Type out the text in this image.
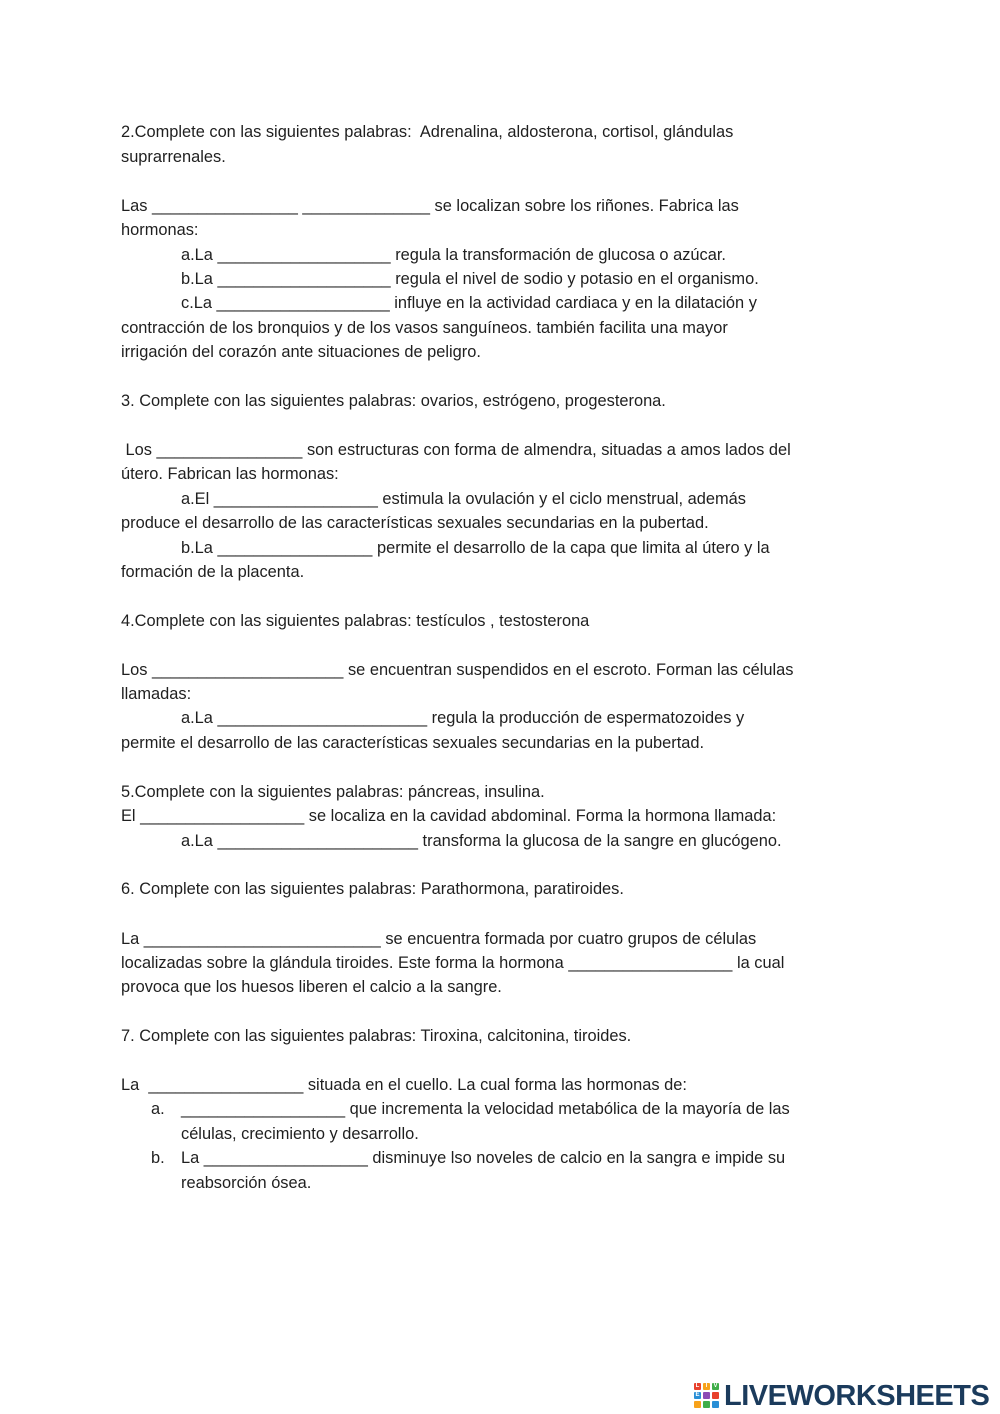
2.Complete con las siguientes palabras:  Adrenalina, aldosterona, cortisol, glándulas
suprarrenales.
Las ________________ ______________ se localizan sobre los riñones. Fabrica las
hormonas:
a.La ___________________ regula la transformación de glucosa o azúcar.
b.La ___________________ regula el nivel de sodio y potasio en el organismo.
c.La ___________________ influye en la actividad cardiaca y en la dilatación y
contracción de los bronquios y de los vasos sanguíneos. también facilita una mayor
irrigación del corazón ante situaciones de peligro.
3. Complete con las siguientes palabras: ovarios, estrógeno, progesterona.
Los ________________ son estructuras con forma de almendra, situadas a amos lados del
útero. Fabrican las hormonas:
a.El __________________ estimula la ovulación y el ciclo menstrual, además
produce el desarrollo de las características sexuales secundarias en la pubertad.
b.La _________________ permite el desarrollo de la capa que limita al útero y la
formación de la placenta.
4.Complete con las siguientes palabras: testículos , testosterona
Los _____________________ se encuentran suspendidos en el escroto. Forman las células
llamadas:
a.La _______________________ regula la producción de espermatozoides y
permite el desarrollo de las características sexuales secundarias en la pubertad.
5.Complete con la siguientes palabras: páncreas, insulina.
El __________________ se localiza en la cavidad abdominal. Forma la hormona llamada:
a.La ______________________ transforma la glucosa de la sangre en glucógeno.
6. Complete con las siguientes palabras: Parathormona, paratiroides.
La __________________________ se encuentra formada por cuatro grupos de células
localizadas sobre la glándula tiroides. Este forma la hormona __________________ la cual
provoca que los huesos liberen el calcio a la sangre.
7. Complete con las siguientes palabras: Tiroxina, calcitonina, tiroides.
La  _________________ situada en el cuello. La cual forma las hormonas de:
a. __________________ que incrementa la velocidad metabólica de la mayoría de las
células, crecimiento y desarrollo.
b. La __________________ disminuye lso noveles de calcio en la sangra e impide su
reabsorción ósea.
L	I	V
E LIVEWORKSHEETS
